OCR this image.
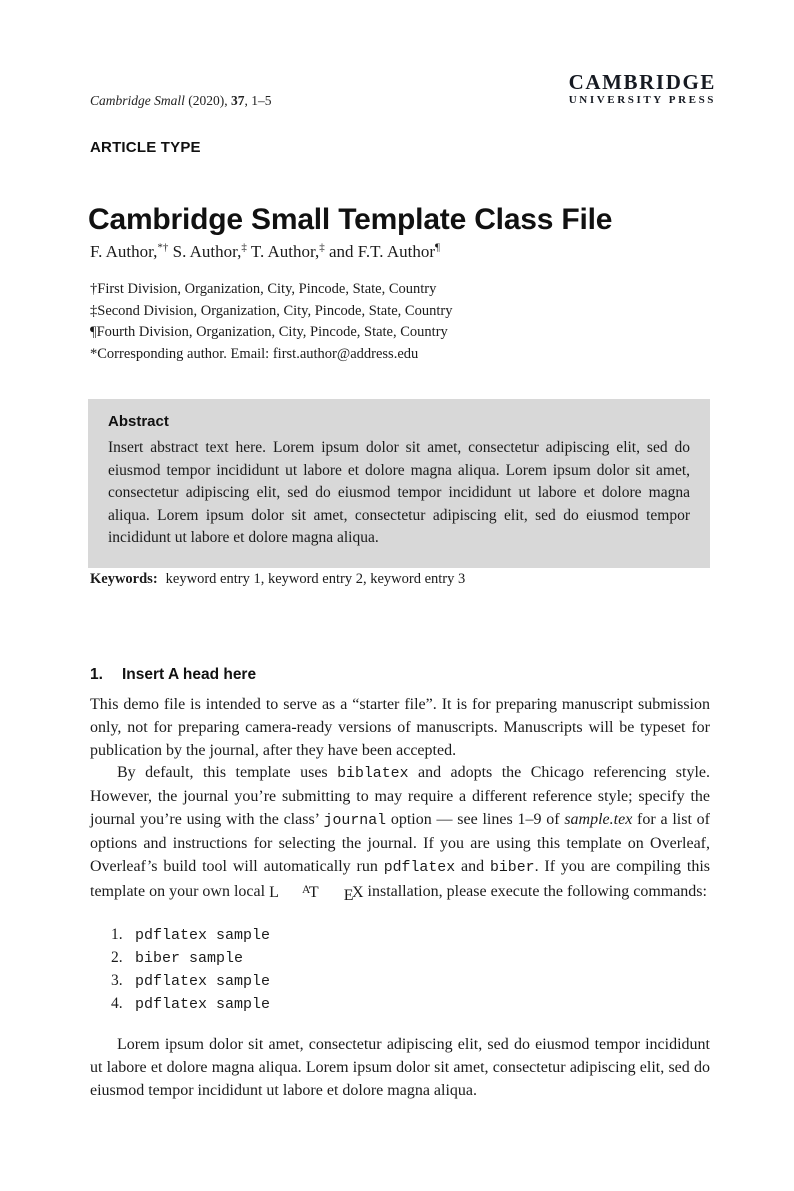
Cambridge Small (2020), 37, 1–5
CAMBRIDGE
UNIVERSITY PRESS
ARTICLE TYPE
Cambridge Small Template Class File
F. Author,*† S. Author,‡ T. Author,‡ and F.T. Author¶
†First Division, Organization, City, Pincode, State, Country
‡Second Division, Organization, City, Pincode, State, Country
¶Fourth Division, Organization, City, Pincode, State, Country
*Corresponding author. Email: first.author@address.edu
Abstract

Insert abstract text here. Lorem ipsum dolor sit amet, consectetur adipiscing elit, sed do eiusmod tempor incididunt ut labore et dolore magna aliqua. Lorem ipsum dolor sit amet, consectetur adipiscing elit, sed do eiusmod tempor incididunt ut labore et dolore magna aliqua. Lorem ipsum dolor sit amet, consectetur adipiscing elit, sed do eiusmod tempor incididunt ut labore et dolore magna aliqua.

Keywords: keyword entry 1, keyword entry 2, keyword entry 3
1. Insert A head here

This demo file is intended to serve as a “starter file”. It is for preparing manuscript submission only, not for preparing camera-ready versions of manuscripts. Manuscripts will be typeset for publication by the journal, after they have been accepted.

By default, this template uses biblatex and adopts the Chicago referencing style. However, the journal you’re submitting to may require a different reference style; specify the journal you’re using with the class’ journal option — see lines 1–9 of sample.tex for a list of options and instructions for selecting the journal. If you are using this template on Overleaf, Overleaf’s build tool will automatically run pdflatex and biber. If you are compiling this template on your own local L AT EX installation, please execute the following commands:

1. pdflatex sample
2. biber sample
3. pdflatex sample
4. pdflatex sample

Lorem ipsum dolor sit amet, consectetur adipiscing elit, sed do eiusmod tempor incididunt ut labore et dolore magna aliqua. Lorem ipsum dolor sit amet, consectetur adipiscing elit, sed do eiusmod tempor incididunt ut labore et dolore magna aliqua.
